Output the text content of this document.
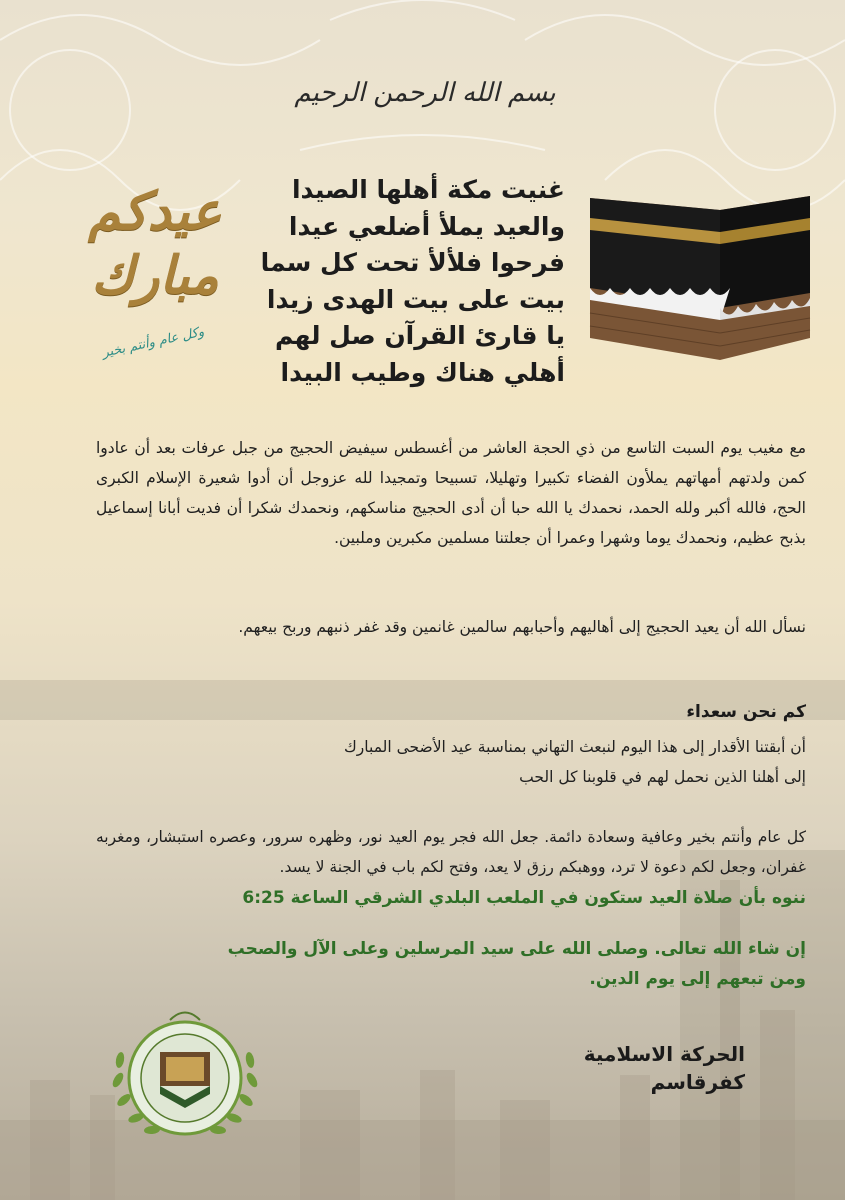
بسم الله الرحمن الرحيم
غنيت مكة أهلها الصيدا
والعيد يملأ أضلعي عيدا
فرحوا فلألأ تحت كل سما
بيت على بيت الهدى زيدا
يا قارئ القرآن صل لهم
أهلي هناك وطيب البيدا
عيدكم مبارك
وكل عام وأنتم بخير
مع مغيب يوم السبت التاسع من ذي الحجة العاشر من أغسطس سيفيض الحجيج من جبل عرفات بعد أن عادوا كمن ولدتهم أمهاتهم يملأون الفضاء تكبيرا وتهليلا، تسبيحا وتمجيدا لله عزوجل أن أدوا شعيرة الإسلام الكبرى الحج، فالله أكبر ولله الحمد، نحمدك يا الله حبا أن أدى الحجيج مناسكهم، ونحمدك شكرا أن فديت أبانا إسماعيل بذبح عظيم، ونحمدك يوما وشهرا وعمرا أن جعلتنا مسلمين مكبرين وملبين.
نسأل الله أن يعيد الحجيج إلى أهاليهم وأحبابهم سالمين غانمين وقد غفر ذنبهم وربح بيعهم.
كم نحن سعداء
أن أبقتنا الأقدار إلى هذا اليوم لنبعث التهاني بمناسبة عيد الأضحى المبارك
إلى أهلنا الذين نحمل لهم في قلوبنا كل الحب
كل عام وأنتم بخير وعافية وسعادة دائمة. جعل الله فجر يوم العيد نور، وظهره سرور، وعصره استبشار، ومغربه غفران، وجعل لكم دعوة لا ترد، ووهبكم رزق لا يعد، وفتح لكم باب في الجنة لا يسد.
ننوه بأن صلاة العيد ستكون في الملعب البلدي الشرقي الساعة 6:25
إن شاء الله تعالى. وصلى الله على سيد المرسلين وعلى الآل والصحب
ومن تبعهم إلى يوم الدين.
الحركة الاسلامية
كفرقاسم
